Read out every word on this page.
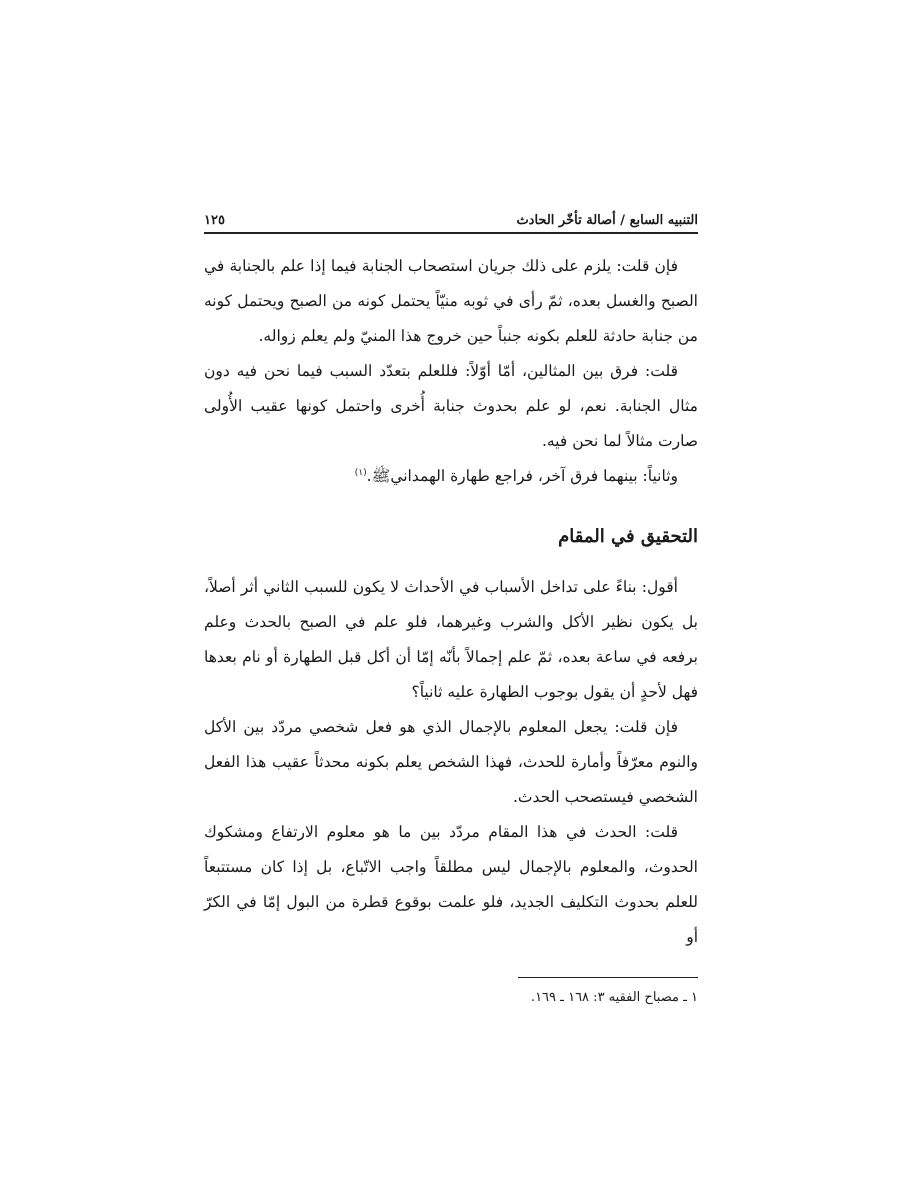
التنبيه السابع / أصالة تأخّر الحادث
١٢٥

فإن قلت: يلزم على ذلك جريان استصحاب الجنابة فيما إذا علم بالجنابة في الصبح والغسل بعده، ثمّ رأى في ثوبه منيّاً يحتمل كونه من الصبح ويحتمل كونه من جنابة حادثة للعلم بكونه جنباً حين خروج هذا المنيّ ولم يعلم زواله.

قلت: فرق بين المثالين، أمّا أوّلاً: فللعلم بتعدّد السبب فيما نحن فيه دون مثال الجنابة. نعم، لو علم بحدوث جنابة أُخرى واحتمل كونها عقيب الأُولى صارت مثالاً لما نحن فيه.

وثانياً: بينهما فرق آخر، فراجع طهارة الهمدانيﷺ.$^{(١)}$

التحقيق في المقام

أقول: بناءً على تداخل الأسباب في الأحداث لا يكون للسبب الثاني أثر أصلاً، بل يكون نظير الأكل والشرب وغيرهما، فلو علم في الصبح بالحدث وعلم برفعه في ساعة بعده، ثمّ علم إجمالاً بأنّه إمّا أن أكل قبل الطهارة أو نام بعدها فهل لأحدٍ أن يقول بوجوب الطهارة عليه ثانياً؟

فإن قلت: يجعل المعلوم بالإجمال الذي هو فعل شخصي مردّد بين الأكل والنوم معرّفاً وأمارة للحدث، فهذا الشخص يعلم بكونه محدثاً عقيب هذا الفعل الشخصي فيستصحب الحدث.

قلت: الحدث في هذا المقام مردّد بين ما هو معلوم الارتفاع ومشكوك الحدوث، والمعلوم بالإجمال ليس مطلقاً واجب الاتّباع، بل إذا كان مستتبعاً للعلم بحدوث التكليف الجديد، فلو علمت بوقوع قطرة من البول إمّا في الكرّ أو

١ ـ مصباح الفقيه ٣: ١٦٨ ـ ١٦٩.
